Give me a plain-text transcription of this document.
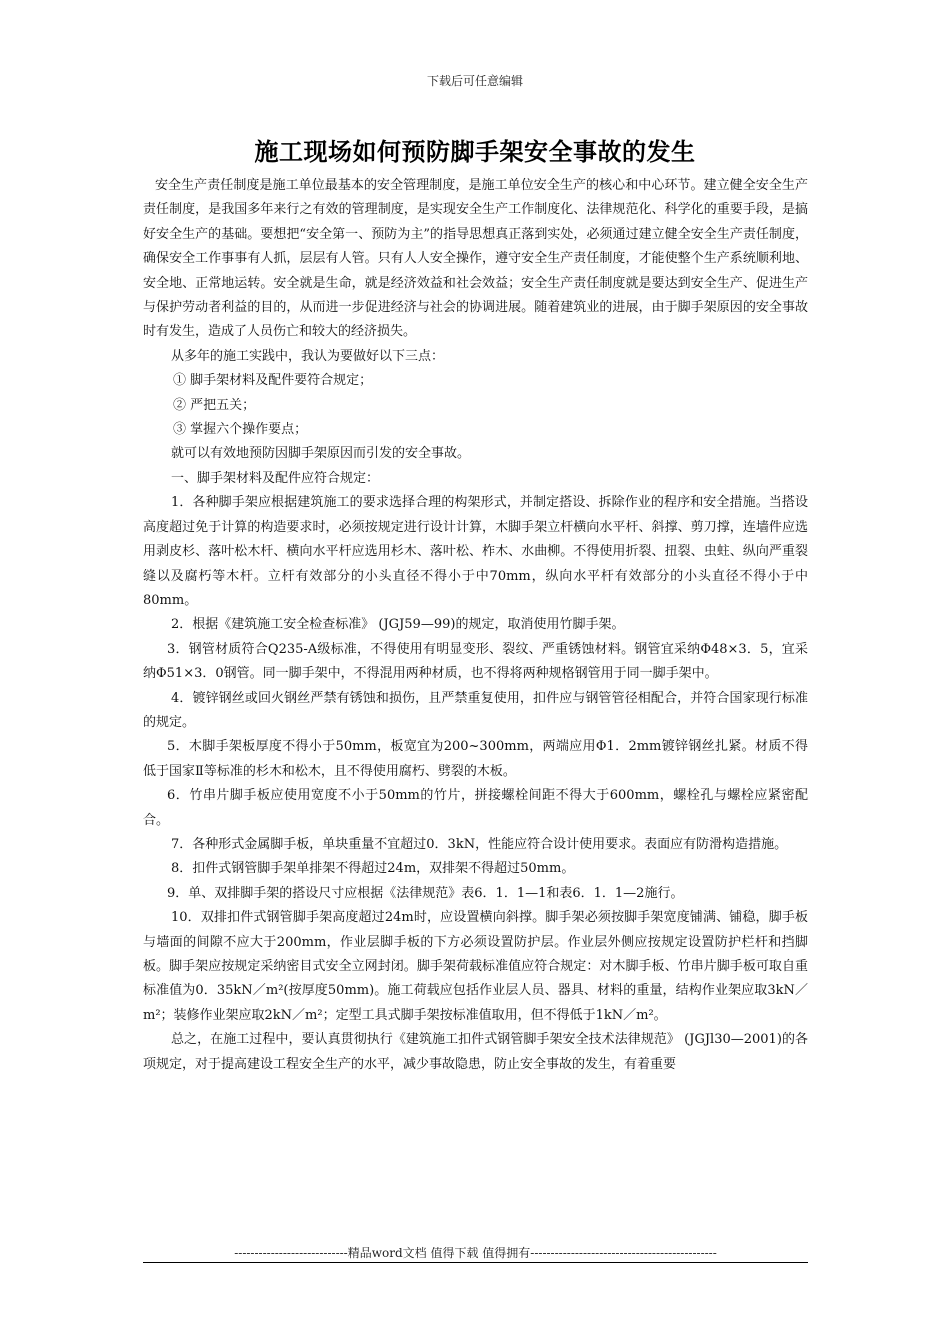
下载后可任意编辑
施工现场如何预防脚手架安全事故的发生

安全生产责任制度是施工单位最基本的安全管理制度，是施工单位安全生产的核心和中心环节。建立健全安全生产责任制度，是我国多年来行之有效的管理制度，是实现安全生产工作制度化、法律规范化、科学化的重要手段，是搞好安全生产的基础。要想把“安全第一、预防为主”的指导思想真正落到实处，必须通过建立健全安全生产责任制度，确保安全工作事事有人抓，层层有人管。只有人人安全操作，遵守安全生产责任制度，才能使整个生产系统顺利地、安全地、正常地运转。安全就是生命，就是经济效益和社会效益；安全生产责任制度就是要达到安全生产、促进生产与保护劳动者利益的目的，从而进一步促进经济与社会的协调进展。随着建筑业的进展，由于脚手架原因的安全事故时有发生，造成了人员伤亡和较大的经济损失。

从多年的施工实践中，我认为要做好以下三点：

① 脚手架材料及配件要符合规定；

② 严把五关；

③ 掌握六个操作要点；

就可以有效地预防因脚手架原因而引发的安全事故。

一、脚手架材料及配件应符合规定：

1．各种脚手架应根据建筑施工的要求选择合理的构架形式，并制定搭设、拆除作业的程序和安全措施。当搭设高度超过免于计算的构造要求时，必须按规定进行设计计算，木脚手架立杆横向水平杆、斜撑、剪刀撑，连墙件应选用剥皮杉、落叶松木杆、横向水平杆应选用杉木、落叶松、柞木、水曲柳。不得使用折裂、扭裂、虫蛀、纵向严重裂缝以及腐朽等木杆。立杆有效部分的小头直径不得小于中70mm，纵向水平杆有效部分的小头直径不得小于中80mm。

2．根据《建筑施工安全检查标准》 (JGJ59—99)的规定，取消使用竹脚手架。

3．钢管材质符合Q235-A级标准，不得使用有明显变形、裂纹、严重锈蚀材料。钢管宜采纳Φ48×3．5，宜采纳Φ51×3．0钢管。同一脚手架中，不得混用两种材质，也不得将两种规格钢管用于同一脚手架中。

4．镀锌钢丝或回火钢丝严禁有锈蚀和损伤，且严禁重复使用，扣件应与钢管管径相配合，并符合国家现行标准的规定。

5．木脚手架板厚度不得小于50mm，板宽宜为200~300mm，两端应用Φ1．2mm镀锌钢丝扎紧。材质不得低于国家Ⅱ等标准的杉木和松木，且不得使用腐朽、劈裂的木板。

6．竹串片脚手板应使用宽度不小于50mm的竹片，拼接螺栓间距不得大于600mm，螺栓孔与螺栓应紧密配合。

7．各种形式金属脚手板，单块重量不宜超过0．3kN，性能应符合设计使用要求。表面应有防滑构造措施。

8．扣件式钢管脚手架单排架不得超过24m，双排架不得超过50mm。

9．单、双排脚手架的搭设尺寸应根据《法律规范》表6．1．1—1和表6．1．1—2施行。

10．双排扣件式钢管脚手架高度超过24m时，应设置横向斜撑。脚手架必须按脚手架宽度铺满、铺稳，脚手板与墙面的间隙不应大于200mm，作业层脚手板的下方必须设置防护层。作业层外侧应按规定设置防护栏杆和挡脚板。脚手架应按规定采纳密目式安全立网封闭。脚手架荷载标准值应符合规定：对木脚手板、竹串片脚手板可取自重标准值为0．35kN／m²(按厚度50mm)。施工荷载应包括作业层人员、器具、材料的重量，结构作业架应取3kN／m²；装修作业架应取2kN／m²；定型工具式脚手架按标准值取用，但不得低于1kN／m²。

总之，在施工过程中，要认真贯彻执行《建筑施工扣件式钢管脚手架安全技术法律规范》 (JGJl30—2001)的各项规定，对于提高建设工程安全生产的水平，减少事故隐患，防止安全事故的发生，有着重要

----------------------------精品word文档 值得下载 值得拥有----------------------------------------------
